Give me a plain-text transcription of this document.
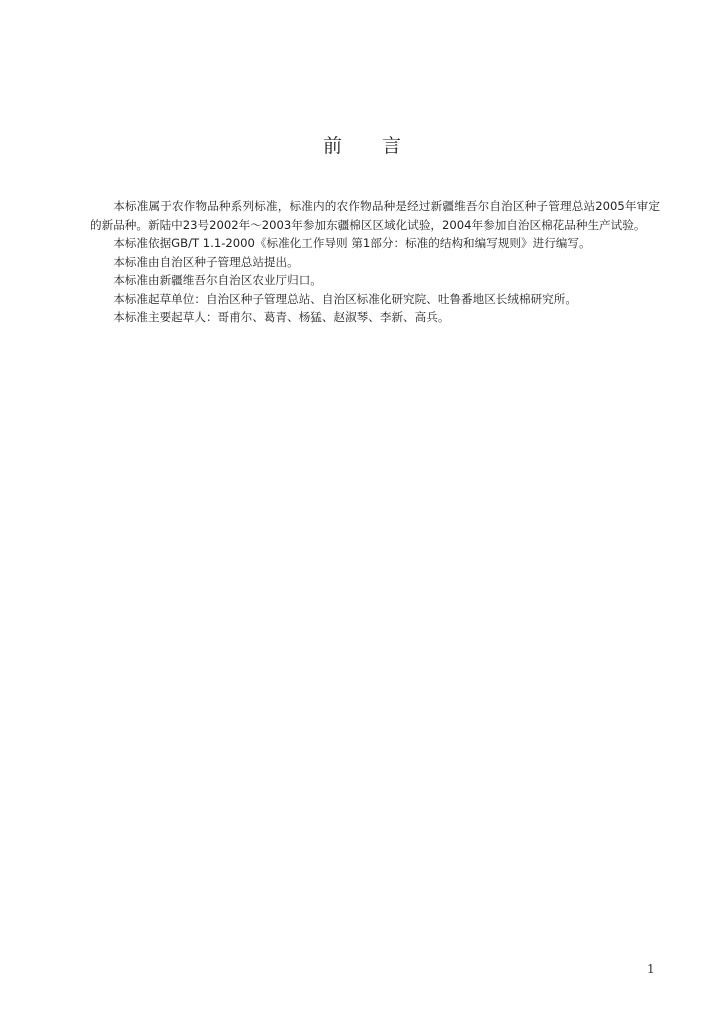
前 言

本标准属于农作物品种系列标准，标准内的农作物品种是经过新疆维吾尔自治区种子管理总站2005年审定的新品种。新陆中23号2002年～2003年参加东疆棉区区域化试验，2004年参加自治区棉花品种生产试验。

本标准依据GB/T 1.1-2000《标准化工作导则 第1部分：标准的结构和编写规则》进行编写。

本标准由自治区种子管理总站提出。

本标准由新疆维吾尔自治区农业厅归口。

本标准起草单位：自治区种子管理总站、自治区标准化研究院、吐鲁番地区长绒棉研究所。

本标准主要起草人：哥甫尔、葛青、杨猛、赵淑琴、李新、高兵。

1
